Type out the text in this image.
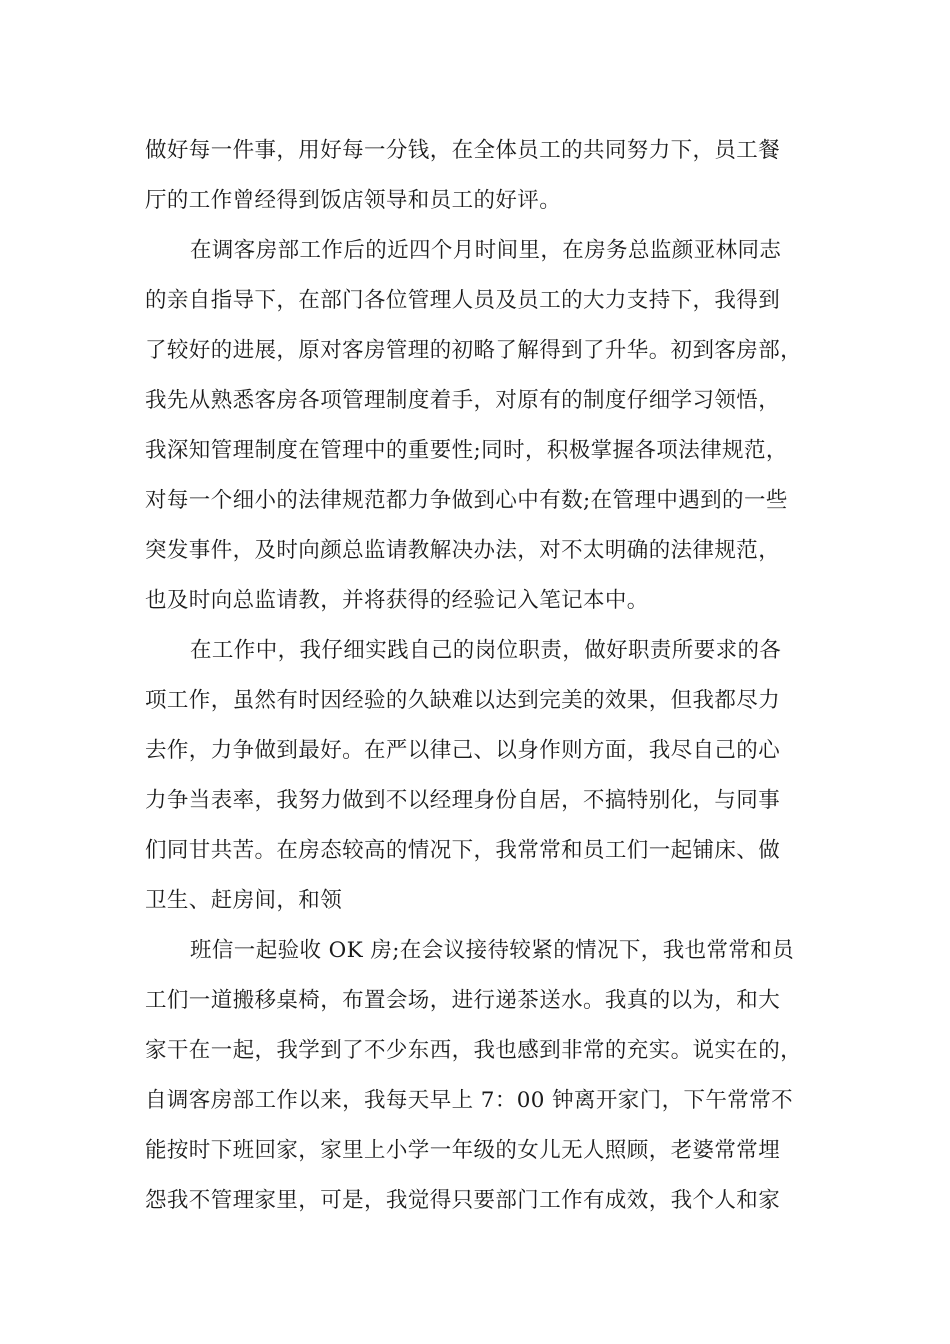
做好每一件事，用好每一分钱，在全体员工的共同努力下，员工餐
厅的工作曾经得到饭店领导和员工的好评。
在调客房部工作后的近四个月时间里，在房务总监颜亚林同志
的亲自指导下，在部门各位管理人员及员工的大力支持下，我得到
了较好的进展，原对客房管理的初略了解得到了升华。初到客房部，
我先从熟悉客房各项管理制度着手，对原有的制度仔细学习领悟，
我深知管理制度在管理中的重要性;同时，积极掌握各项法律规范，
对每一个细小的法律规范都力争做到心中有数;在管理中遇到的一些
突发事件，及时向颜总监请教解决办法，对不太明确的法律规范，
也及时向总监请教，并将获得的经验记入笔记本中。
在工作中，我仔细实践自己的岗位职责，做好职责所要求的各
项工作，虽然有时因经验的久缺难以达到完美的效果，但我都尽力
去作，力争做到最好。在严以律己、以身作则方面，我尽自己的心
力争当表率，我努力做到不以经理身份自居，不搞特别化，与同事
们同甘共苦。在房态较高的情况下，我常常和员工们一起铺床、做
卫生、赶房间，和领
班信一起验收 OK 房;在会议接待较紧的情况下，我也常常和员
工们一道搬移桌椅，布置会场，进行递茶送水。我真的以为，和大
家干在一起，我学到了不少东西，我也感到非常的充实。说实在的，
自调客房部工作以来，我每天早上 7：00 钟离开家门，下午常常不
能按时下班回家，家里上小学一年级的女儿无人照顾，老婆常常埋
怨我不管理家里，可是，我觉得只要部门工作有成效，我个人和家
